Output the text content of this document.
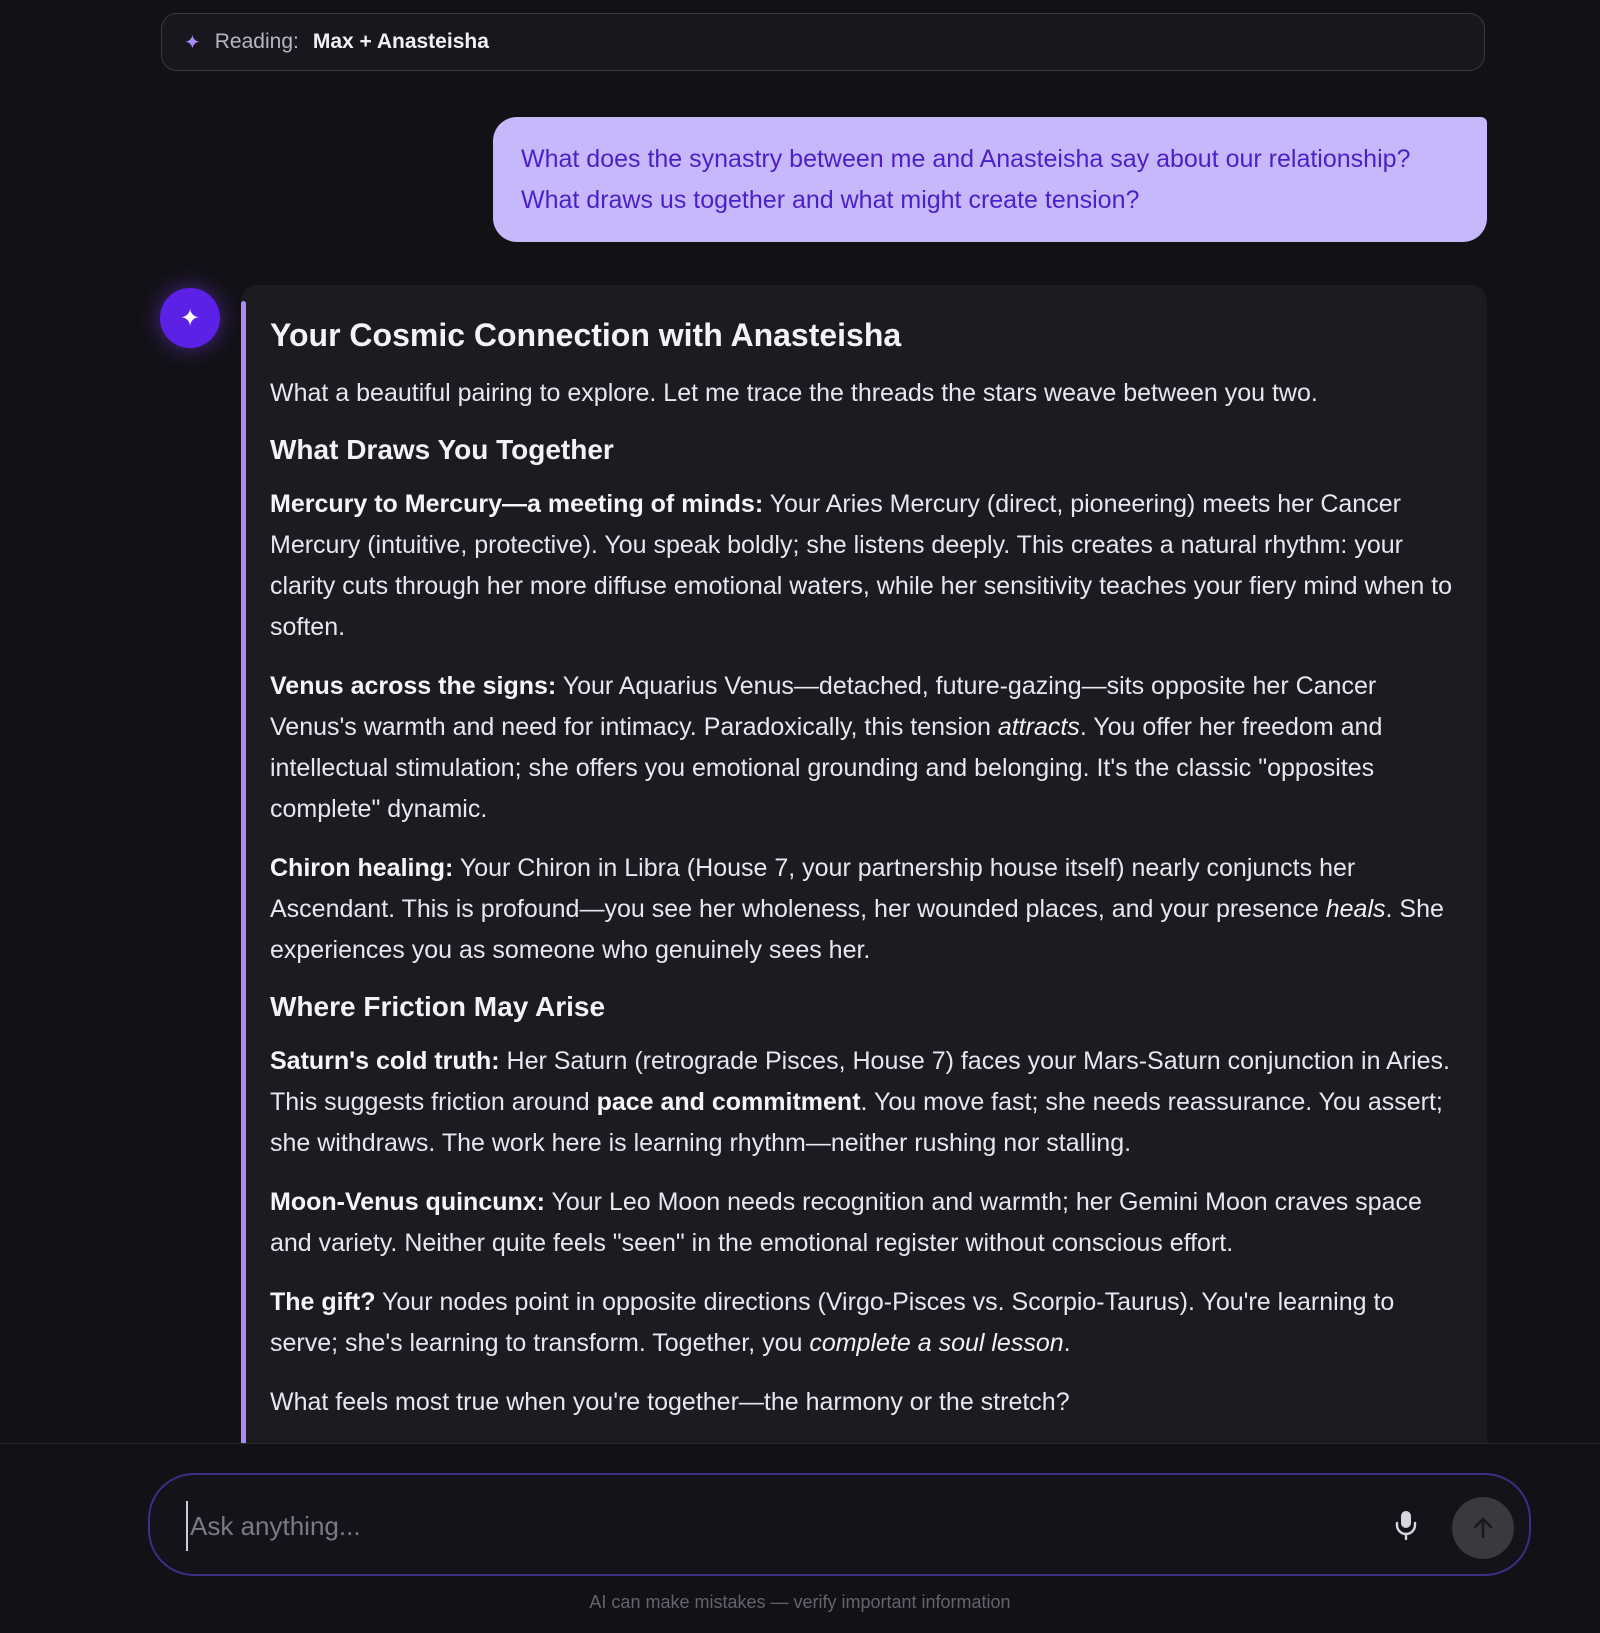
✦ Reading: Max + Anasteisha
What does the synastry between me and Anasteisha say about our relationship? What draws us together and what might create tension?
✦ Your Cosmic Connection with Anasteisha

What a beautiful pairing to explore. Let me trace the threads the stars weave between you two.

What Draws You Together

Mercury to Mercury—a meeting of minds: Your Aries Mercury (direct, pioneering) meets her Cancer Mercury (intuitive, protective). You speak boldly; she listens deeply. This creates a natural rhythm: your clarity cuts through her more diffuse emotional waters, while her sensitivity teaches your fiery mind when to soften.

Venus across the signs: Your Aquarius Venus—detached, future-gazing—sits opposite her Cancer Venus's warmth and need for intimacy. Paradoxically, this tension attracts. You offer her freedom and intellectual stimulation; she offers you emotional grounding and belonging. It's the classic "opposites complete" dynamic.

Chiron healing: Your Chiron in Libra (House 7, your partnership house itself) nearly conjuncts her Ascendant. This is profound—you see her wholeness, her wounded places, and your presence heals. She experiences you as someone who genuinely sees her.

Where Friction May Arise

Saturn's cold truth: Her Saturn (retrograde Pisces, House 7) faces your Mars-Saturn conjunction in Aries. This suggests friction around pace and commitment. You move fast; she needs reassurance. You assert; she withdraws. The work here is learning rhythm—neither rushing nor stalling.

Moon-Venus quincunx: Your Leo Moon needs recognition and warmth; her Gemini Moon craves space and variety. Neither quite feels "seen" in the emotional register without conscious effort.

The gift? Your nodes point in opposite directions (Virgo-Pisces vs. Scorpio-Taurus). You're learning to serve; she's learning to transform. Together, you complete a soul lesson.

What feels most true when you're together—the harmony or the stretch?

Ask anything...
AI can make mistakes — verify important information
